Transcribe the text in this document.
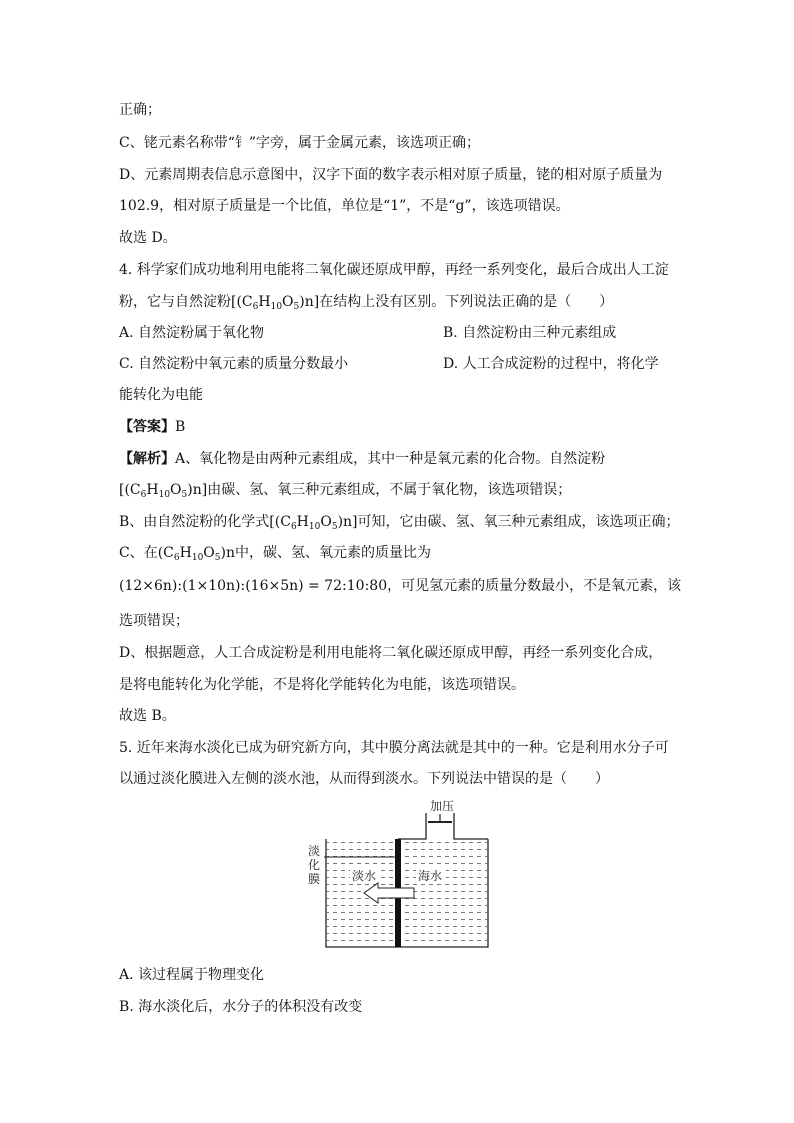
正确；
C、铑元素名称带“钅”字旁，属于金属元素，该选项正确；
D、元素周期表信息示意图中，汉字下面的数字表示相对原子质量，铑的相对原子质量为
102.9，相对原子质量是一个比值，单位是“1”，不是“g”，该选项错误。
故选 D。
4. 科学家们成功地利用电能将二氧化碳还原成甲醇，再经一系列变化，最后合成出人工淀
粉，它与自然淀粉$[(C_6H_{10}O_5)n]$在结构上没有区别。下列说法正确的是（　　）
A. 自然淀粉属于氧化物	B. 自然淀粉由三种元素组成
C. 自然淀粉中氧元素的质量分数最小	D. 人工合成淀粉的过程中，将化学
能转化为电能
【答案】B
【解析】A、氧化物是由两种元素组成，其中一种是氧元素的化合物。自然淀粉
$[(C_6H_{10}O_5)n]$由碳、氢、氧三种元素组成，不属于氧化物，该选项错误；
B、由自然淀粉的化学式$[(C_6H_{10}O_5)n]$可知，它由碳、氢、氧三种元素组成，该选项正确；
C、在$(C_6H_{10}O_5)n$中，碳、氢、氧元素的质量比为
(12×6n):(1×10n):(16×5n) = 72:10:80，可见氢元素的质量分数最小，不是氧元素，该
选项错误；
D、根据题意，人工合成淀粉是利用电能将二氧化碳还原成甲醇，再经一系列变化合成，
是将电能转化为化学能，不是将化学能转化为电能，该选项错误。
故选 B。
5. 近年来海水淡化已成为研究新方向，其中膜分离法就是其中的一种。它是利用水分子可
以通过淡化膜进入左侧的淡水池，从而得到淡水。下列说法中错误的是（　　）
加压
淡
化
膜	淡水	海水
A. 该过程属于物理变化
B. 海水淡化后，水分子的体积没有改变
